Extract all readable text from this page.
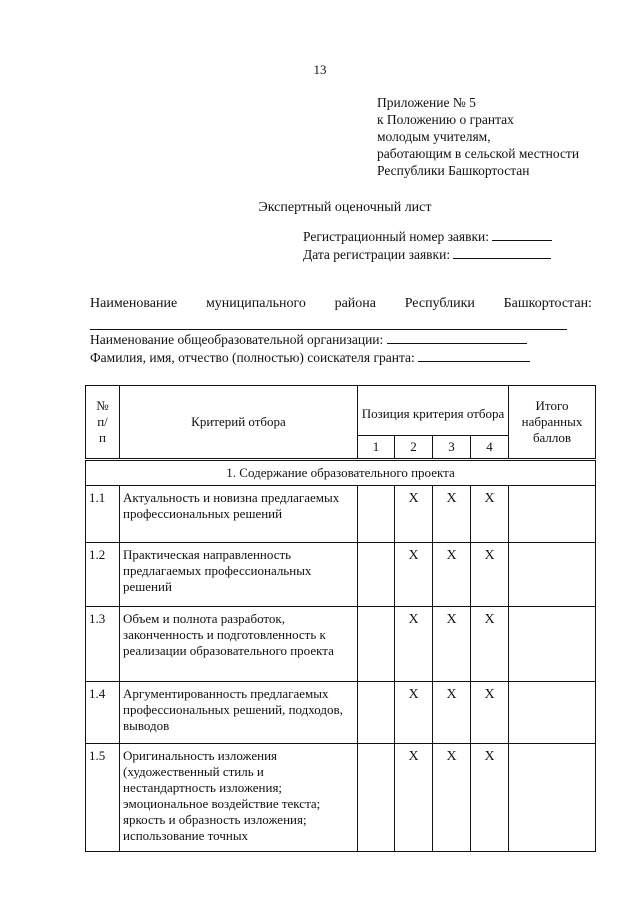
13
Приложение № 5
к Положению о грантах
молодым учителям,
работающим в сельской местности
Республики Башкортостан
Экспертный оценочный лист
Регистрационный номер заявки:
Дата регистрации заявки:
Наименование муниципального района Республики Башкортостан:
Наименование общеобразовательной организации:
Фамилия, имя, отчество (полностью) соискателя гранта:
№ п/п	Критерий отбора	Позиция критерия отбора				Итого набранных баллов
		1	2	3	4	
1. Содержание образовательного проекта						
1.1	Актуальность и новизна предлагаемых профессиональных решений		Х	Х	Х	
1.2	Практическая направленность предлагаемых профессиональных решений		Х	Х	Х	
1.3	Объем и полнота разработок, законченность и подготовленность к реализации образовательного проекта		Х	Х	Х	
1.4	Аргументированность предлагаемых профессиональных решений, подходов, выводов		Х	Х	Х	
1.5	Оригинальность изложения (художественный стиль и нестандартность изложения; эмоциональное воздействие текста; яркость и образность изложения; использование точных		Х	Х	Х	
